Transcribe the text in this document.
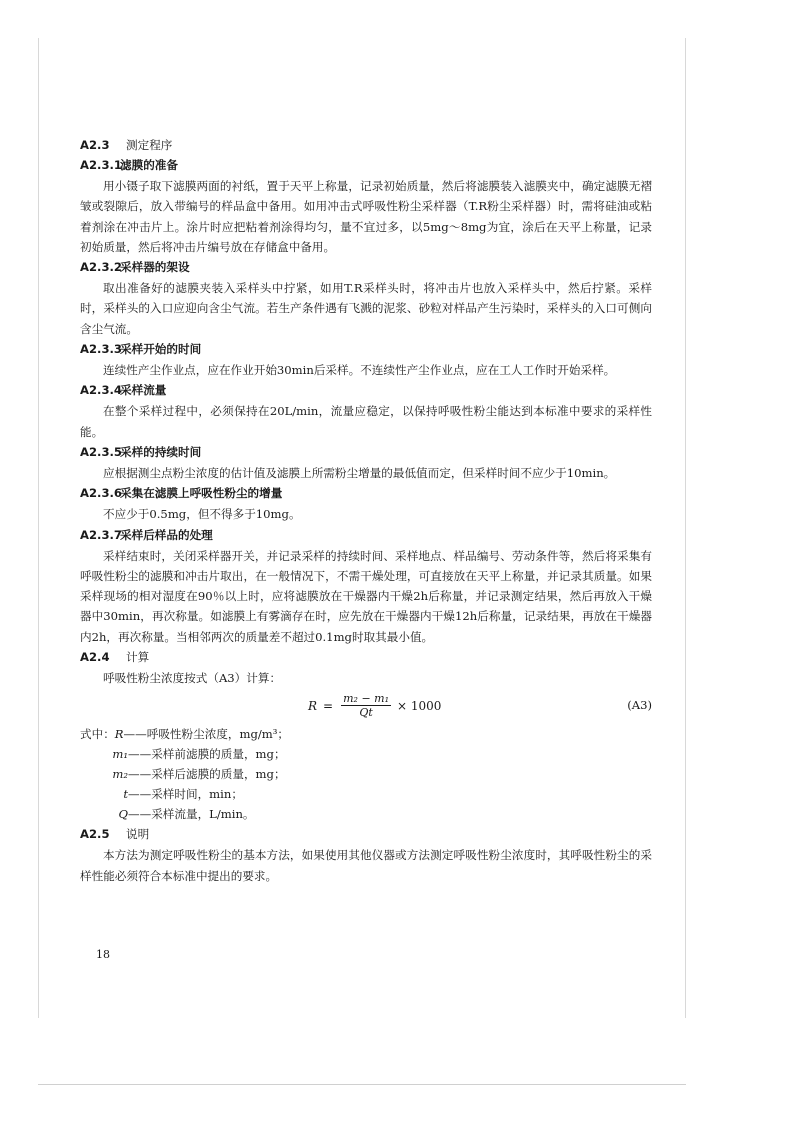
A2.3 测定程序
A2.3.1滤膜的准备

用小镊子取下滤膜两面的衬纸，置于天平上称量，记录初始质量，然后将滤膜装入滤膜夹中，确定滤膜无褶皱或裂隙后，放入带编号的样品盒中备用。如用冲击式呼吸性粉尘采样器（T.R粉尘采样器）时，需将硅油或粘着剂涂在冲击片上。涂片时应把粘着剂涂得均匀，量不宜过多，以5mg～8mg为宜，涂后在天平上称量，记录初始质量，然后将冲击片编号放在存储盒中备用。

A2.3.2采样器的架设

取出准备好的滤膜夹装入采样头中拧紧，如用T.R采样头时，将冲击片也放入采样头中，然后拧紧。采样时，采样头的入口应迎向含尘气流。若生产条件遇有飞溅的泥浆、砂粒对样品产生污染时，采样头的入口可侧向含尘气流。

A2.3.3采样开始的时间

连续性产尘作业点，应在作业开始30min后采样。不连续性产尘作业点，应在工人工作时开始采样。

A2.3.4采样流量

在整个采样过程中，必须保持在20L/min，流量应稳定，以保持呼吸性粉尘能达到本标准中要求的采样性能。

A2.3.5采样的持续时间

应根据测尘点粉尘浓度的估计值及滤膜上所需粉尘增量的最低值而定，但采样时间不应少于10min。

A2.3.6采集在滤膜上呼吸性粉尘的增量

不应少于0.5mg，但不得多于10mg。

A2.3.7采样后样品的处理

采样结束时，关闭采样器开关，并记录采样的持续时间、采样地点、样品编号、劳动条件等，然后将采集有呼吸性粉尘的滤膜和冲击片取出，在一般情况下，不需干燥处理，可直接放在天平上称量，并记录其质量。如果采样现场的相对湿度在90％以上时，应将滤膜放在干燥器内干燥2h后称量，并记录测定结果，然后再放入干燥器中30min，再次称量。如滤膜上有雾滴存在时，应先放在干燥器内干燥12h后称量，记录结果，再放在干燥器内2h，再次称量。当相邻两次的质量差不超过0.1mg时取其最小值。

A2.4 计算

呼吸性粉尘浓度按式（A3）计算：

$R = \frac{\text{m₂ − m₁}}{Qt} \times 1000$	(A3)
式中： R ——呼吸性粉尘浓度，mg/m³；
m₁ ——采样前滤膜的质量，mg；
m₂ ——采样后滤膜的质量，mg；
t ——采样时间，min；
Q ——采样流量，L/min。
A2.5 说明

本方法为测定呼吸性粉尘的基本方法，如果使用其他仪器或方法测定呼吸性粉尘浓度时，其呼吸性粉尘的采样性能必须符合本标准中提出的要求。

18
